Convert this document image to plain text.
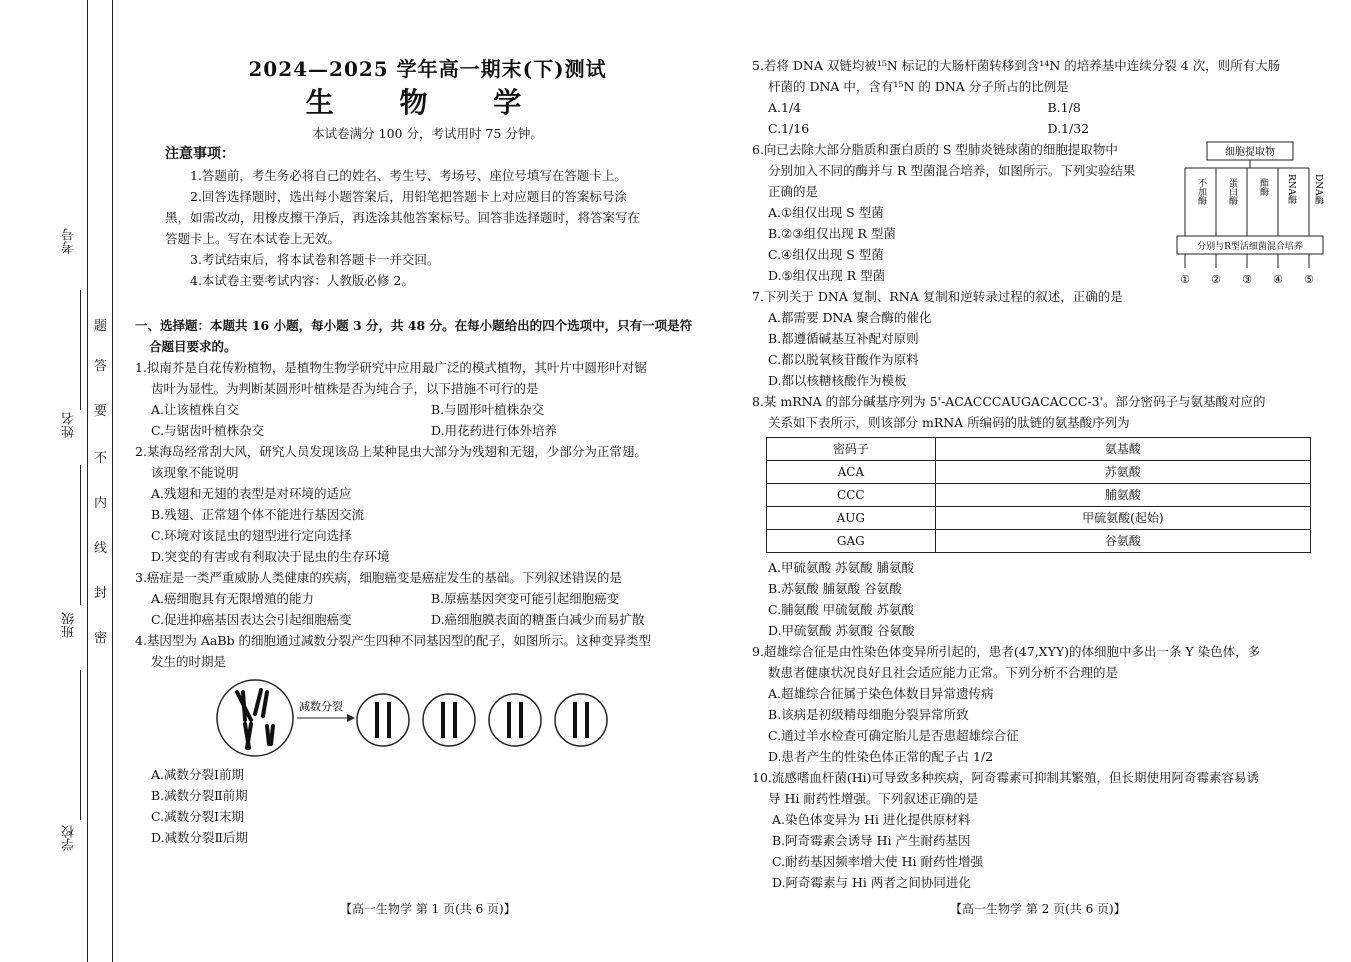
考号
姓名
班级
学校
题
答
要
不
内
线
封
密

2024—2025 学年高一期末(下)测试

生 物 学

本试卷满分 100 分，考试用时 75 分钟。

注意事项：

1.答题前，考生务必将自己的姓名、考生号、考场号、座位号填写在答题卡上。

2.回答选择题时，选出每小题答案后，用铅笔把答题卡上对应题目的答案标号涂

黑，如需改动，用橡皮擦干净后，再选涂其他答案标号。回答非选择题时，将答案写在

答题卡上。写在本试卷上无效。

3.考试结束后，将本试卷和答题卡一并交回。

4.本试卷主要考试内容：人教版必修 2。

一、选择题：本题共 16 小题，每小题 3 分，共 48 分。在每小题给出的四个选项中，只有一项是符

合题目要求的。

1.拟南芥是自花传粉植物，是植物生物学研究中应用最广泛的模式植物，其叶片中圆形叶对锯

齿叶为显性。为判断某圆形叶植株是否为纯合子，以下措施不可行的是

A.让该植株自交	B.与圆形叶植株杂交
C.与锯齿叶植株杂交	D.用花药进行体外培养

2.某海岛经常刮大风，研究人员发现该岛上某种昆虫大部分为残翅和无翅，少部分为正常翅。

该现象不能说明

A.残翅和无翅的表型是对环境的适应

B.残翅、正常翅个体不能进行基因交流

C.环境对该昆虫的翅型进行定向选择

D.突变的有害或有利取决于昆虫的生存环境

3.癌症是一类严重威胁人类健康的疾病，细胞癌变是癌症发生的基础。下列叙述错误的是

A.癌细胞具有无限增殖的能力	B.原癌基因突变可能引起细胞癌变
C.促进抑癌基因表达会引起细胞癌变	D.癌细胞膜表面的糖蛋白减少而易扩散

4.基因型为 AaBb 的细胞通过减数分裂产生四种不同基因型的配子，如图所示。这种变异类型

发生的时期是

减数分裂

A.减数分裂Ⅰ前期

B.减数分裂Ⅱ前期

C.减数分裂Ⅰ末期

D.减数分裂Ⅱ后期

【高一生物学 第 1 页(共 6 页)】

5.若将 DNA 双链均被¹⁵N 标记的大肠杆菌转移到含¹⁴N 的培养基中连续分裂 4 次，则所有大肠

杆菌的 DNA 中，含有¹⁵N 的 DNA 分子所占的比例是

A.1/4	B.1/8
C.1/16	D.1/32

6.向已去除大部分脂质和蛋白质的 S 型肺炎链球菌的细胞提取物中

分别加入不同的酶并与 R 型菌混合培养，如图所示。下列实验结果

正确的是

A.①组仅出现 S 型菌

B.②③组仅出现 R 型菌

C.④组仅出现 S 型菌

D.⑤组仅出现 R 型菌

7.下列关于 DNA 复制、RNA 复制和逆转录过程的叙述，正确的是

A.都需要 DNA 聚合酶的催化

B.都遵循碱基互补配对原则

C.都以脱氧核苷酸作为原料

D.都以核糖核酸作为模板

8.某 mRNA 的部分碱基序列为 5'-ACACCCAUGACACCC-3'。部分密码子与氨基酸对应的

关系如下表所示，则该部分 mRNA 所编码的肽链的氨基酸序列为

密码子	氨基酸
ACA	苏氨酸
CCC	脯氨酸
AUG	甲硫氨酸(起始)
GAG	谷氨酸

A.甲硫氨酸 苏氨酸 脯氨酸

B.苏氨酸 脯氨酸 谷氨酸

C.脯氨酸 甲硫氨酸 苏氨酸

D.甲硫氨酸 苏氨酸 谷氨酸

9.超雄综合征是由性染色体变异所引起的，患者(47,XYY)的体细胞中多出一条 Y 染色体，多

数患者健康状况良好且社会适应能力正常。下列分析不合理的是

A.超雄综合征属于染色体数目异常遗传病

B.该病是初级精母细胞分裂异常所致

C.通过羊水检查可确定胎儿是否患超雄综合征

D.患者产生的性染色体正常的配子占 1/2

10.流感嗜血杆菌(Hi)可导致多种疾病，阿奇霉素可抑制其繁殖，但长期使用阿奇霉素容易诱

导 Hi 耐药性增强。下列叙述正确的是

A.染色体变异为 Hi 进化提供原材料

B.阿奇霉素会诱导 Hi 产生耐药基因

C.耐药基因频率增大使 Hi 耐药性增强

D.阿奇霉素与 Hi 两者之间协同进化

细胞提取物
不加酶 蛋白酶 酯酶 RNA酶 DNA酶
分别与R型活细菌混合培养
① ② ③ ④ ⑤
【高一生物学 第 2 页(共 6 页)】
